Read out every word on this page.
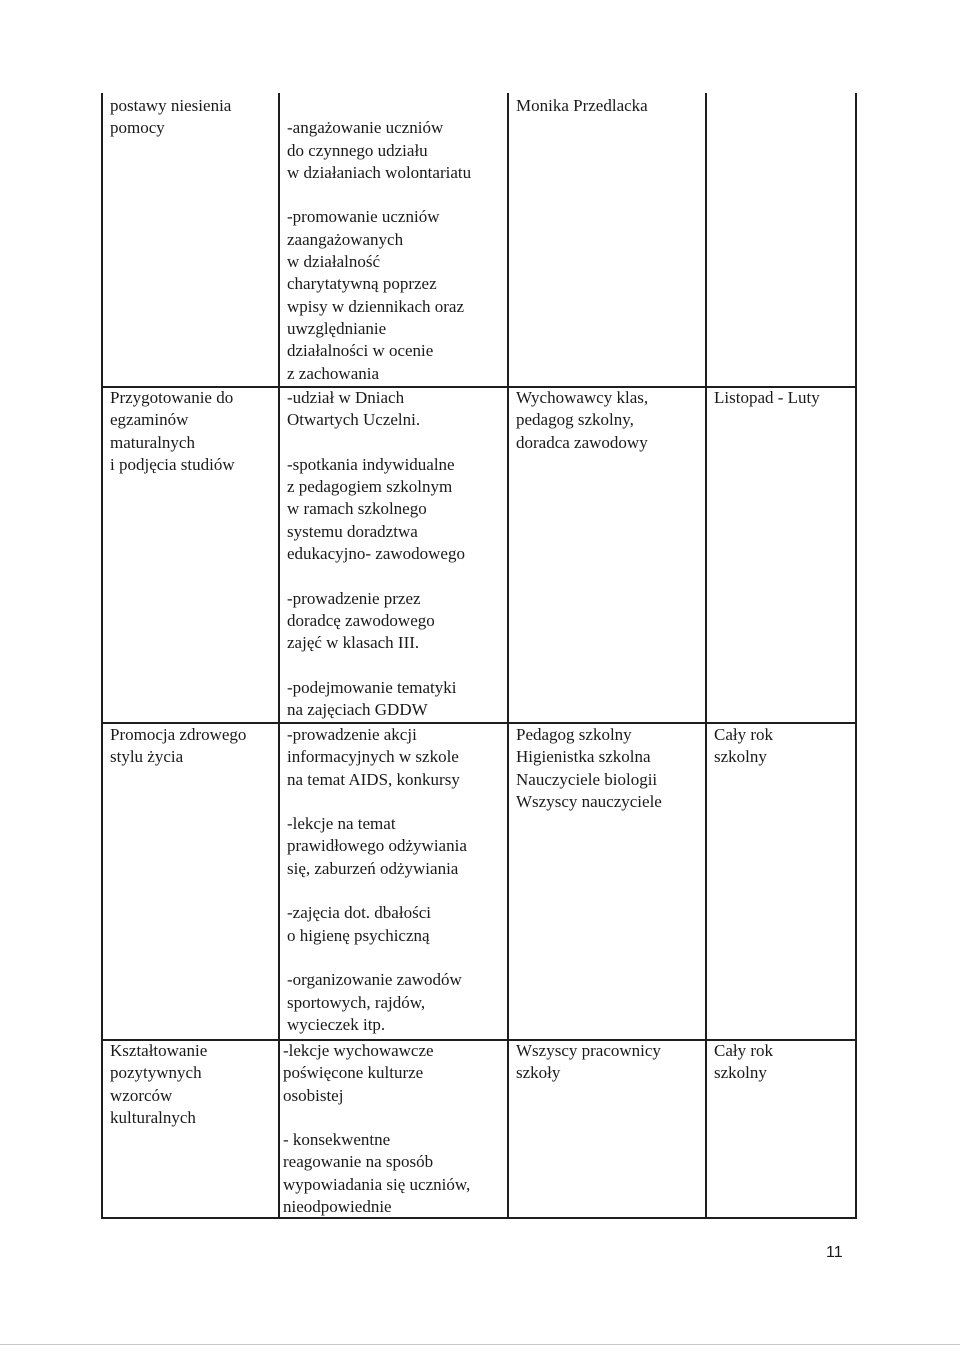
postawy niesienia
pomocy	-angażowanie uczniów
do czynnego udziału
w działaniach wolontariatu
-promowanie uczniów
zaangażowanych
w działalność
charytatywną poprzez
wpisy w dziennikach oraz
uwzględnianie
działalności w ocenie
z zachowania
Monika Przedlacka
Przygotowanie do
egzaminów
maturalnych
i podjęcia studiów
-udział w Dniach
Otwartych Uczelni.
-spotkania indywidualne
z pedagogiem szkolnym
w ramach szkolnego
systemu doradztwa
edukacyjno- zawodowego
-prowadzenie przez
doradcę zawodowego
zajęć w klasach III.
-podejmowanie tematyki
na zajęciach GDDW
Wychowawcy klas,
pedagog szkolny,
doradca zawodowy
Listopad - Luty
Promocja zdrowego
stylu życia
-prowadzenie akcji
informacyjnych w szkole
na temat AIDS, konkursy
-lekcje na temat
prawidłowego odżywiania
się, zaburzeń odżywiania
-zajęcia dot. dbałości
o higienę psychiczną
-organizowanie zawodów
sportowych, rajdów,
wycieczek itp.
Pedagog szkolny
Higienistka szkolna
Nauczyciele biologii
Wszyscy nauczyciele
Cały rok
szkolny
Kształtowanie
pozytywnych
wzorców
kulturalnych
-lekcje wychowawcze
poświęcone kulturze
osobistej
- konsekwentne
reagowanie na sposób
wypowiadania się uczniów,
nieodpowiednie
Wszyscy pracownicy
szkoły
Cały rok
szkolny
11
